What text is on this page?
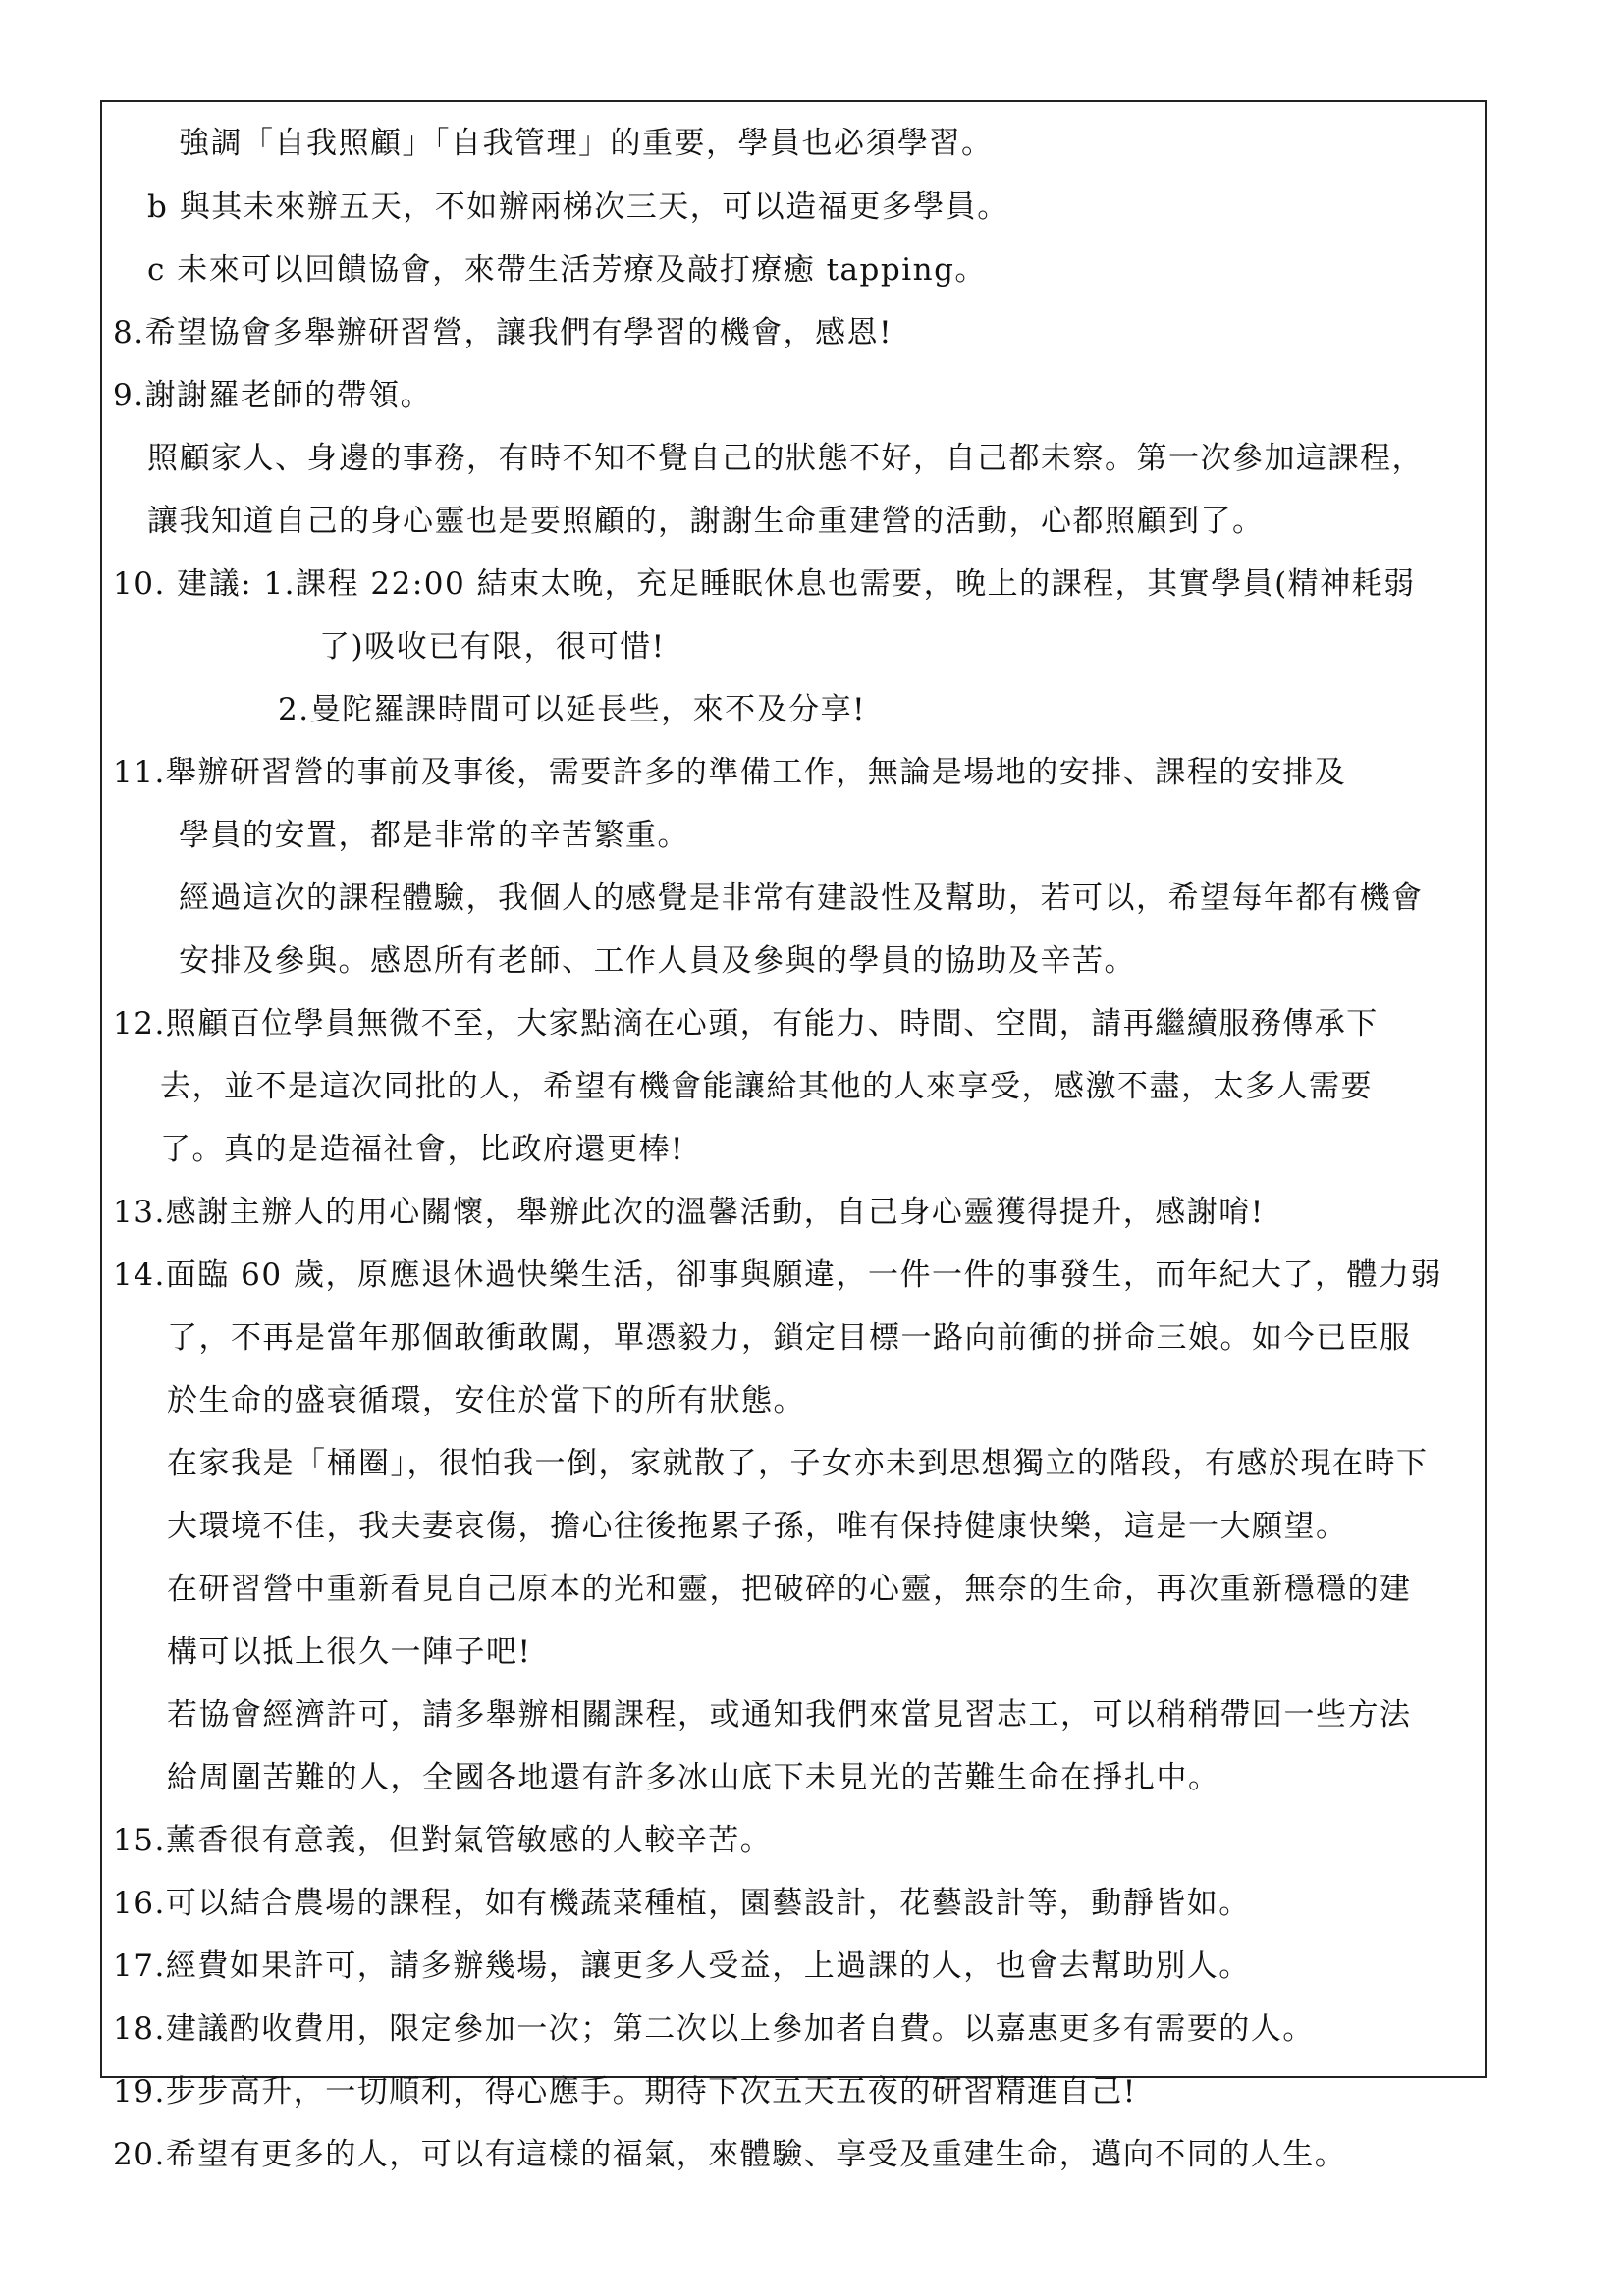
強調「自我照顧」「自我管理」的重要，學員也必須學習。
b 與其未來辦五天，不如辦兩梯次三天，可以造福更多學員。
c 未來可以回饋協會，來帶生活芳療及敲打療癒 tapping。
8.希望協會多舉辦研習營，讓我們有學習的機會，感恩!
9.謝謝羅老師的帶領。
照顧家人、身邊的事務，有時不知不覺自己的狀態不好，自己都未察。第一次參加這課程，
讓我知道自己的身心靈也是要照顧的，謝謝生命重建營的活動，心都照顧到了。
10. 建議: 1.課程 22:00 結束太晚，充足睡眠休息也需要，晚上的課程，其實學員(精神耗弱
了)吸收已有限，很可惜!
2.曼陀羅課時間可以延長些，來不及分享!
11.舉辦研習營的事前及事後，需要許多的準備工作，無論是場地的安排、課程的安排及
學員的安置，都是非常的辛苦繁重。
經過這次的課程體驗，我個人的感覺是非常有建設性及幫助，若可以，希望每年都有機會
安排及參與。感恩所有老師、工作人員及參與的學員的協助及辛苦。
12.照顧百位學員無微不至，大家點滴在心頭，有能力、時間、空間，請再繼續服務傳承下
去，並不是這次同批的人，希望有機會能讓給其他的人來享受，感激不盡，太多人需要
了。真的是造福社會，比政府還更棒!
13.感謝主辦人的用心關懷，舉辦此次的溫馨活動，自己身心靈獲得提升，感謝唷!
14.面臨 60 歲，原應退休過快樂生活，卻事與願違，一件一件的事發生，而年紀大了，體力弱
了，不再是當年那個敢衝敢闖，單憑毅力，鎖定目標一路向前衝的拼命三娘。如今已臣服
於生命的盛衰循環，安住於當下的所有狀態。
在家我是「桶圈」，很怕我一倒，家就散了，子女亦未到思想獨立的階段，有感於現在時下
大環境不佳，我夫妻哀傷，擔心往後拖累子孫，唯有保持健康快樂，這是一大願望。
在研習營中重新看見自己原本的光和靈，把破碎的心靈，無奈的生命，再次重新穩穩的建
構可以抵上很久一陣子吧!
若協會經濟許可，請多舉辦相關課程，或通知我們來當見習志工，可以稍稍帶回一些方法
給周圍苦難的人，全國各地還有許多冰山底下未見光的苦難生命在掙扎中。
15.薰香很有意義，但對氣管敏感的人較辛苦。
16.可以結合農場的課程，如有機蔬菜種植，園藝設計，花藝設計等，動靜皆如。
17.經費如果許可，請多辦幾場，讓更多人受益，上過課的人，也會去幫助別人。
18.建議酌收費用，限定參加一次；第二次以上參加者自費。以嘉惠更多有需要的人。
19.步步高升，一切順利，得心應手。期待下次五天五夜的研習精進自己!
20.希望有更多的人，可以有這樣的福氣，來體驗、享受及重建生命，邁向不同的人生。
